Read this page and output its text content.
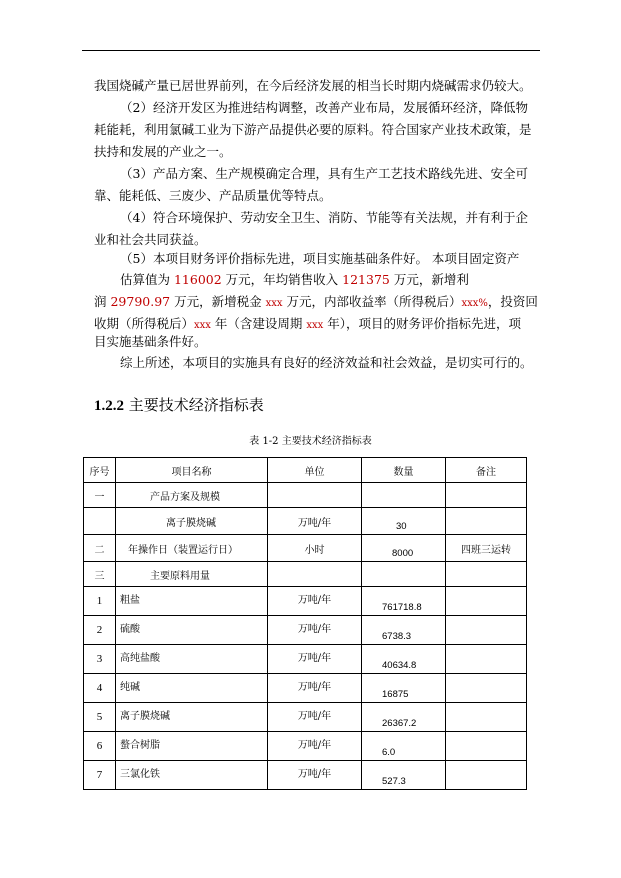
我国烧碱产量已居世界前列，在今后经济发展的相当长时期内烧碱需求仍较大。
（2）经济开发区为推进结构调整，改善产业布局，发展循环经济，降低物
耗能耗，利用氯碱工业为下游产品提供必要的原料。符合国家产业技术政策，是
扶持和发展的产业之一。
（3）产品方案、生产规模确定合理，具有生产工艺技术路线先进、安全可
靠、能耗低、三废少、产品质量优等特点。
（4）符合环境保护、劳动安全卫生、消防、节能等有关法规，并有利于企
业和社会共同获益。
（5）本项目财务评价指标先进，项目实施基础条件好。 本项目固定资产
估算值为 116002 万元，年均销售收入 121375 万元，新增利
润 29790.97 万元，新增税金 xxx 万元，内部收益率（所得税后）xxx%，投资回
收期（所得税后）xxx 年（含建设周期 xxx 年），项目的财务评价指标先进，项
目实施基础条件好。
综上所述，本项目的实施具有良好的经济效益和社会效益，是切实可行的。
1.2.2 主要技术经济指标表
表 1-2 主要技术经济指标表
序号	项目名称	单位	数量	备注
一	产品方案及规模			
	离子膜烧碱	万吨/年	30	
二	年操作日（装置运行日）	小时	8000	四班三运转
三	主要原料用量			
1	粗盐	万吨/年	761718.8	
2	硫酸	万吨/年	6738.3	
3	高纯盐酸	万吨/年	40634.8	
4	纯碱	万吨/年	16875	
5	离子膜烧碱	万吨/年	26367.2	
6	螯合树脂	万吨/年	6.0	
7	三氯化铁	万吨/年	527.3	
